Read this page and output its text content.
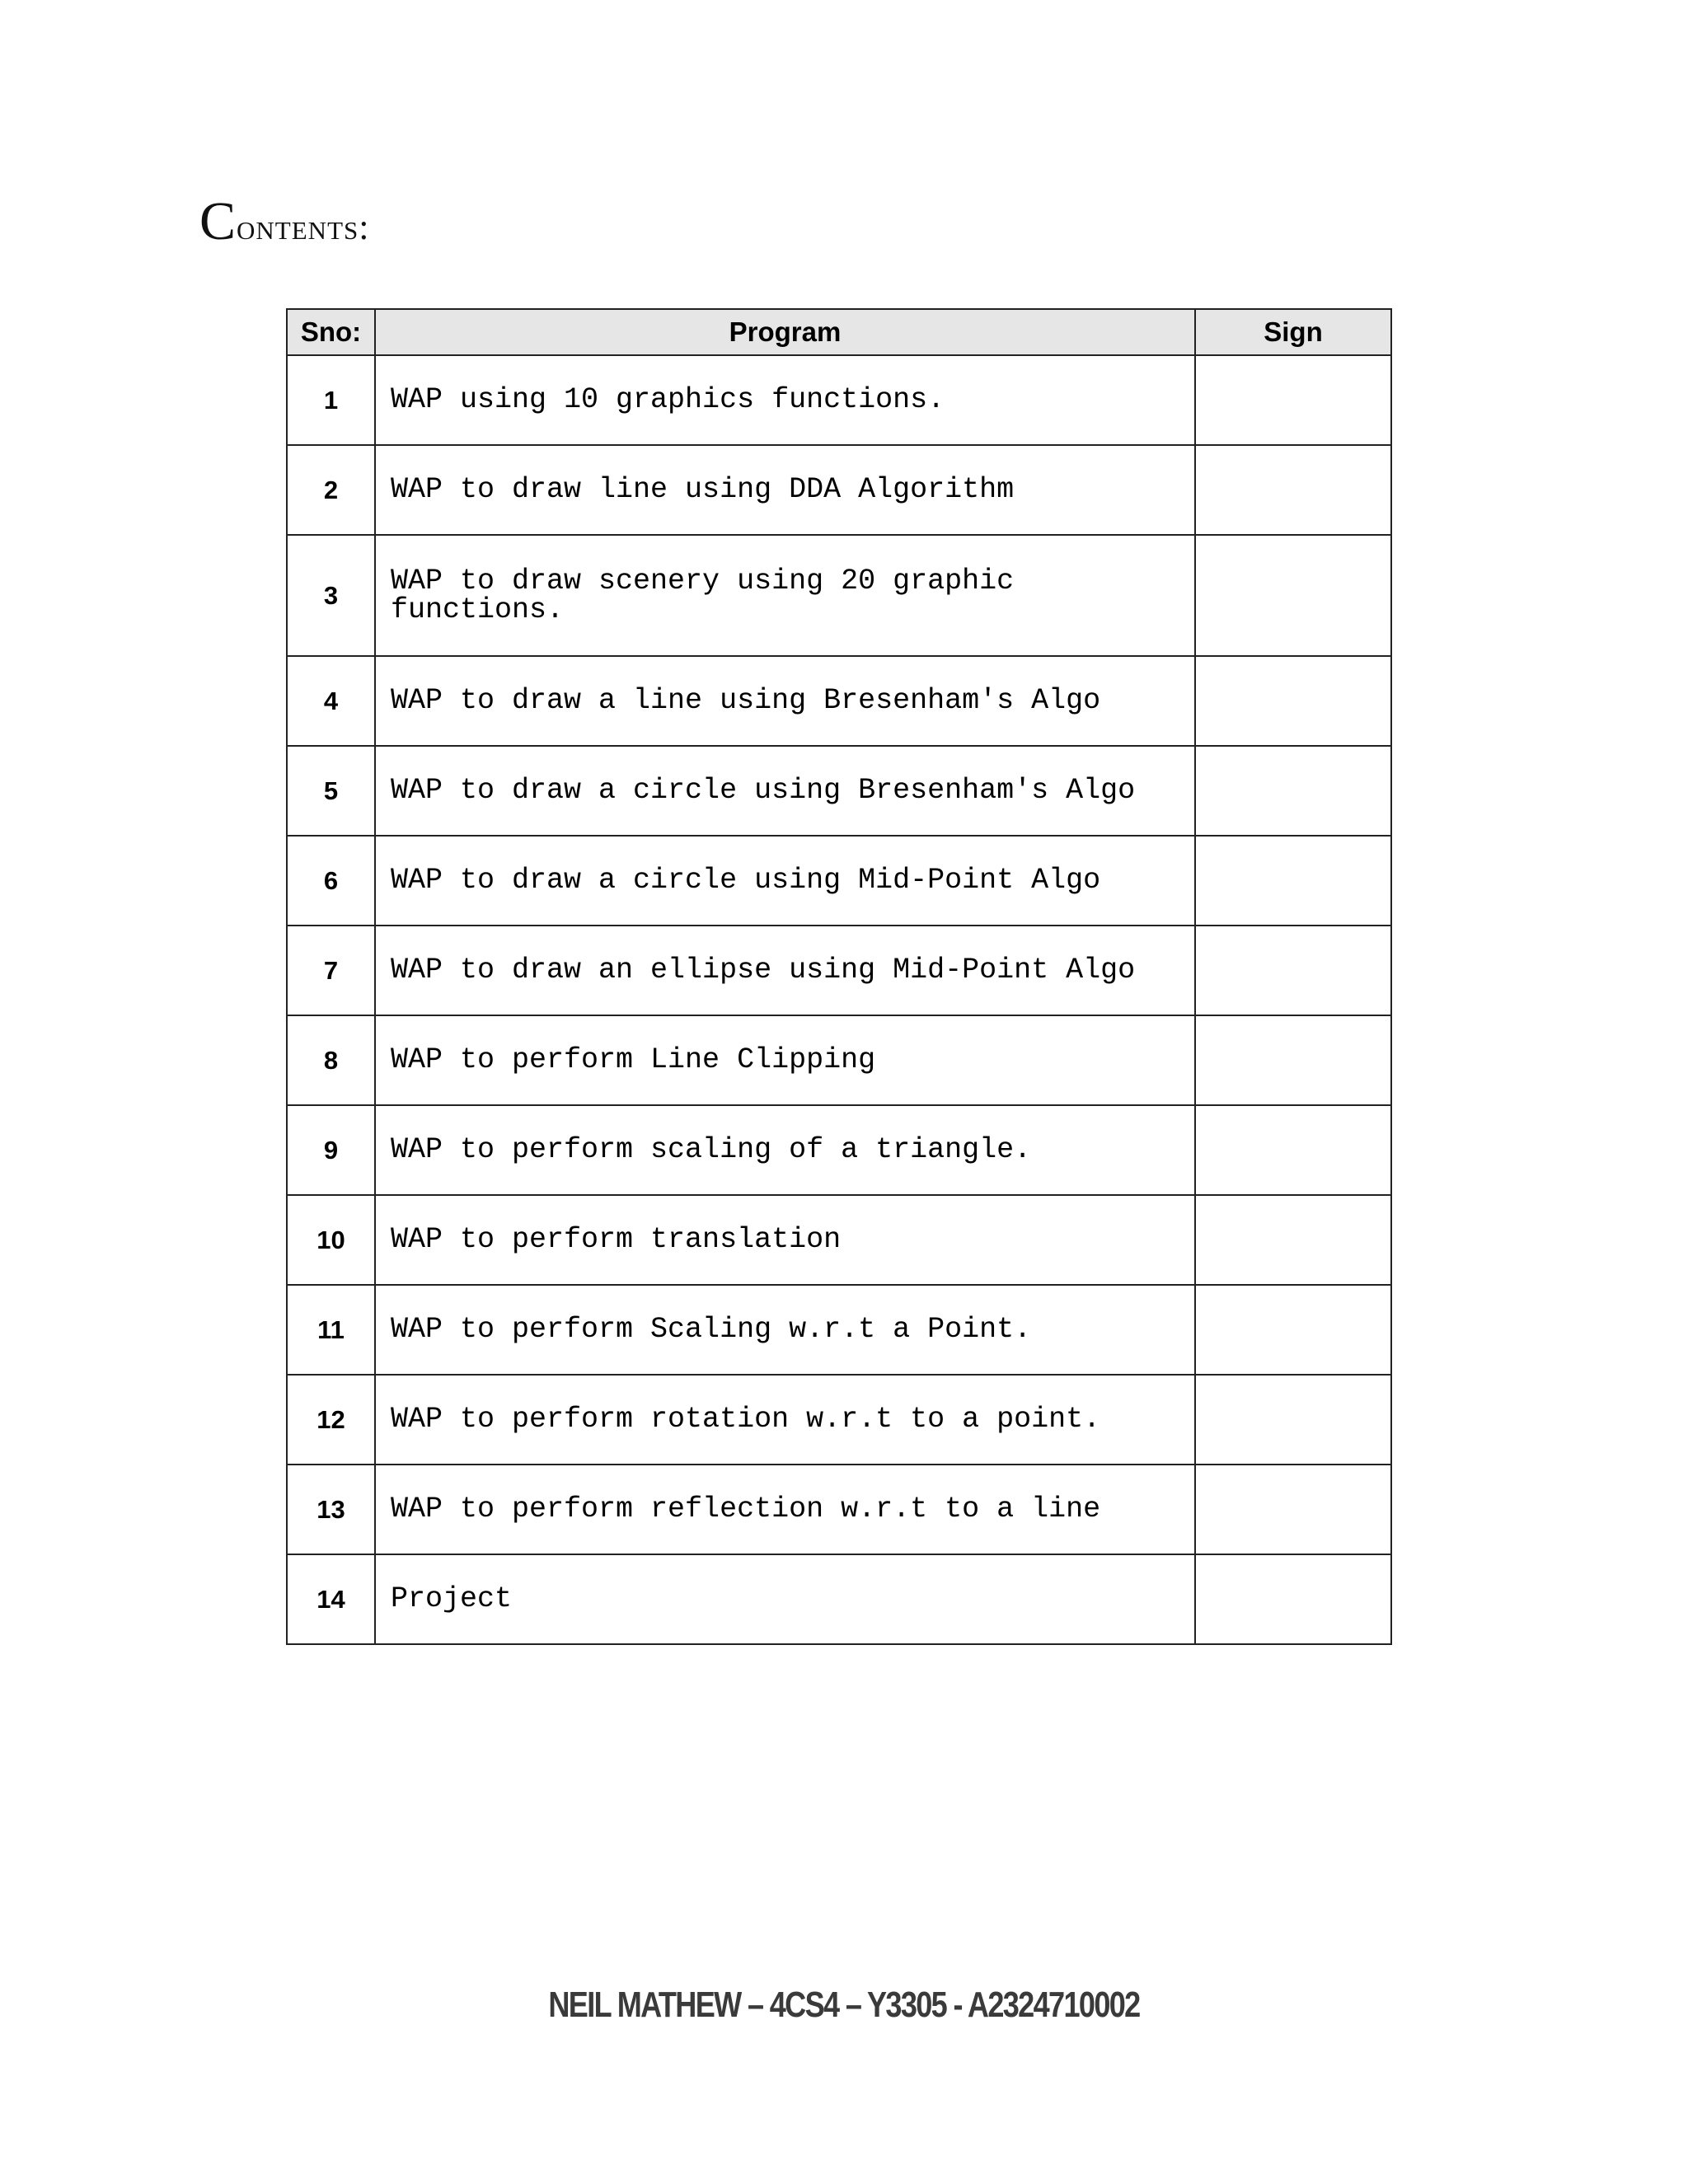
Contents:
Sno:	Program	Sign
1	WAP using 10 graphics functions.	
2	WAP to draw line using DDA Algorithm	
3	WAP to draw scenery using 20 graphic functions.	
4	WAP to draw a line using Bresenham's Algo	
5	WAP to draw a circle using Bresenham's Algo	
6	WAP to draw a circle using Mid-Point Algo	
7	WAP to draw an ellipse using Mid-Point Algo	
8	WAP to perform Line Clipping	
9	WAP to perform scaling of a triangle.	
10	WAP to perform translation	
11	WAP to perform Scaling w.r.t a Point.	
12	WAP to perform rotation w.r.t to a point.	
13	WAP to perform reflection w.r.t to a line	
14	Project	
NEIL MATHEW – 4CS4 – Y3305 - A2324710002
